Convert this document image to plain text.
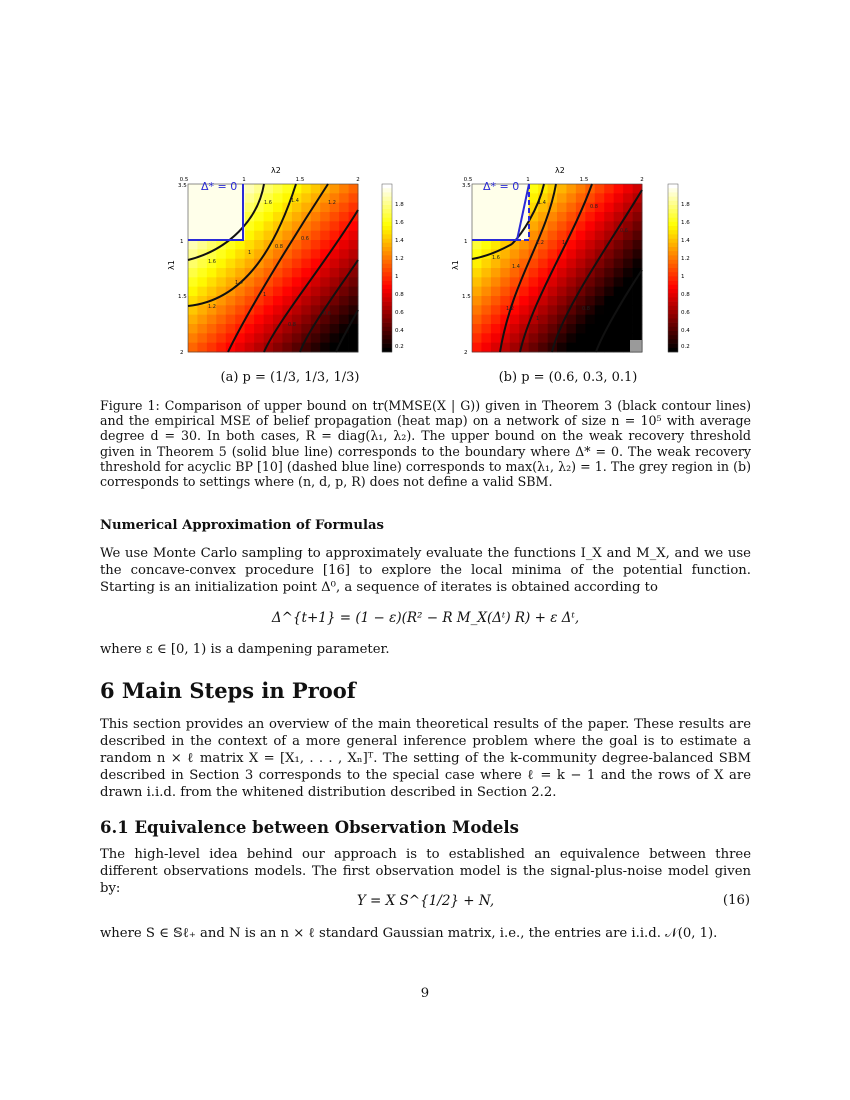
λ2
0.5	1	1.5	2
3.5
λ1
1
1.5
2
Δ* = 0
1.6	1.4	1.2
1
0.8
0.6
1.6
1.4
1.2
1
0.8
0.6
1.8
1.6
1.4
1.2
1
0.8
0.6
0.4
0.2
(a) p = (1/3, 1/3, 1/3)
λ2
0.5	1	1.5	2
3.5
λ1
1
1.5
2
Δ* = 0
1.4
1.2	1
0.8
0.6
1.6
1.4
1.2
1
0.8
1.8
1.6
1.4
1.2
1
0.8
0.6
0.4
0.2
(b) p = (0.6, 0.3, 0.1)
Figure 1: Comparison of upper bound on tr(MMSE(X | G)) given in Theorem 3 (black contour lines) and the empirical MSE of belief propagation (heat map) on a network of size n = 10⁵ with average degree d = 30. In both cases, R = diag(λ₁, λ₂). The upper bound on the weak recovery threshold given in Theorem 5 (solid blue line) corresponds to the boundary where Δ* = 0. The weak recovery threshold for acyclic BP [10] (dashed blue line) corresponds to max(λ₁, λ₂) = 1. The grey region in (b) corresponds to settings where (n, d, p, R) does not define a valid SBM.
Numerical Approximation of Formulas
We use Monte Carlo sampling to approximately evaluate the functions I_X and M_X, and we use the concave-convex procedure [16] to explore the local minima of the potential function. Starting is an initialization point Δ⁰, a sequence of iterates is obtained according to
Δ^{t+1} = (1 − ε)(R² − R M_X(Δᵗ) R) + ε Δᵗ,
where ε ∈ [0, 1) is a dampening parameter.
6 Main Steps in Proof
This section provides an overview of the main theoretical results of the paper. These results are described in the context of a more general inference problem where the goal is to estimate a random n × ℓ matrix X = [X₁, . . . , Xₙ]ᵀ. The setting of the k-community degree-balanced SBM described in Section 3 corresponds to the special case where ℓ = k − 1 and the rows of X are drawn i.i.d. from the whitened distribution described in Section 2.2.
6.1 Equivalence between Observation Models
The high-level idea behind our approach is to established an equivalence between three different observations models. The first observation model is the signal-plus-noise model given by:
Y = X S^{1/2} + N,	(16)
where S ∈ 𝕊ℓ₊ and N is an n × ℓ standard Gaussian matrix, i.e., the entries are i.i.d. 𝒩(0, 1).
9
